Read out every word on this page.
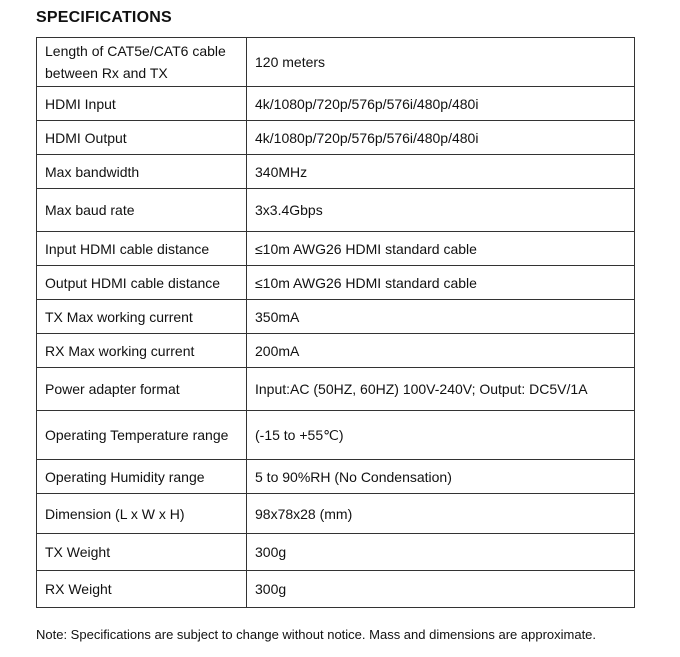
SPECIFICATIONS
Length of CAT5e/CAT6 cable between Rx and TX	120 meters
HDMI Input	4k/1080p/720p/576p/576i/480p/480i
HDMI Output	4k/1080p/720p/576p/576i/480p/480i
Max bandwidth	340MHz
Max baud rate	3x3.4Gbps
Input HDMI cable distance	≤10m AWG26 HDMI standard cable
Output HDMI cable distance	≤10m AWG26 HDMI standard cable
TX Max working current	350mA
RX Max working current	200mA
Power adapter format	Input:AC (50HZ, 60HZ) 100V-240V; Output: DC5V/1A
Operating Temperature range	(-15 to +55℃)
Operating Humidity range	5 to 90%RH (No Condensation)
Dimension (L x W x H)	98x78x28 (mm)
TX Weight	300g
RX Weight	300g
Note: Specifications are subject to change without notice. Mass and dimensions are approximate.
